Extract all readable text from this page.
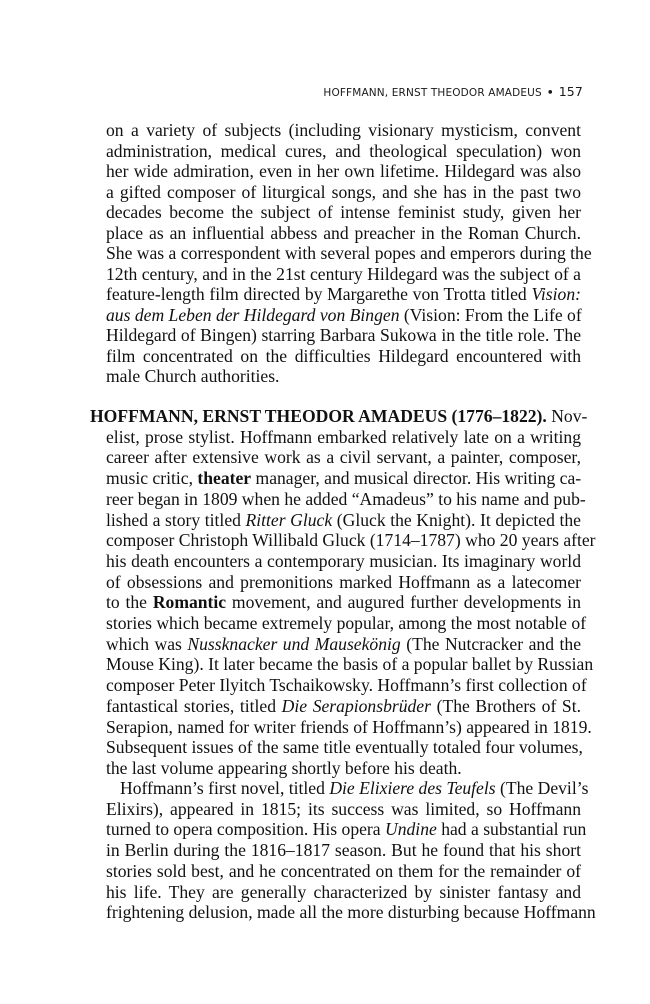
HOFFMANN, ERNST THEODOR AMADEUS • 157
on a variety of subjects (including visionary mysticism, convent
administration, medical cures, and theological speculation) won
her wide admiration, even in her own lifetime. Hildegard was also
a gifted composer of liturgical songs, and she has in the past two
decades become the subject of intense feminist study, given her
place as an influential abbess and preacher in the Roman Church.
She was a correspondent with several popes and emperors during the
12th century, and in the 21st century Hildegard was the subject of a
feature-length film directed by Margarethe von Trotta titled Vision:
aus dem Leben der Hildegard von Bingen (Vision: From the Life of
Hildegard of Bingen) starring Barbara Sukowa in the title role. The
film concentrated on the difficulties Hildegard encountered with
male Church authorities.
HOFFMANN, ERNST THEODOR AMADEUS (1776–1822). Nov-
elist, prose stylist. Hoffmann embarked relatively late on a writing
career after extensive work as a civil servant, a painter, composer,
music critic, theater manager, and musical director. His writing ca-
reer began in 1809 when he added “Amadeus” to his name and pub-
lished a story titled Ritter Gluck (Gluck the Knight). It depicted the
composer Christoph Willibald Gluck (1714–1787) who 20 years after
his death encounters a contemporary musician. Its imaginary world
of obsessions and premonitions marked Hoffmann as a latecomer
to the Romantic movement, and augured further developments in
stories which became extremely popular, among the most notable of
which was Nussknacker und Mausekönig (The Nutcracker and the
Mouse King). It later became the basis of a popular ballet by Russian
composer Peter Ilyitch Tschaikowsky. Hoffmann’s first collection of
fantastical stories, titled Die Serapionsbrüder (The Brothers of St.
Serapion, named for writer friends of Hoffmann’s) appeared in 1819.
Subsequent issues of the same title eventually totaled four volumes,
the last volume appearing shortly before his death.
Hoffmann’s first novel, titled Die Elixiere des Teufels (The Devil’s
Elixirs), appeared in 1815; its success was limited, so Hoffmann
turned to opera composition. His opera Undine had a substantial run
in Berlin during the 1816–1817 season. But he found that his short
stories sold best, and he concentrated on them for the remainder of
his life. They are generally characterized by sinister fantasy and
frightening delusion, made all the more disturbing because Hoffmann
